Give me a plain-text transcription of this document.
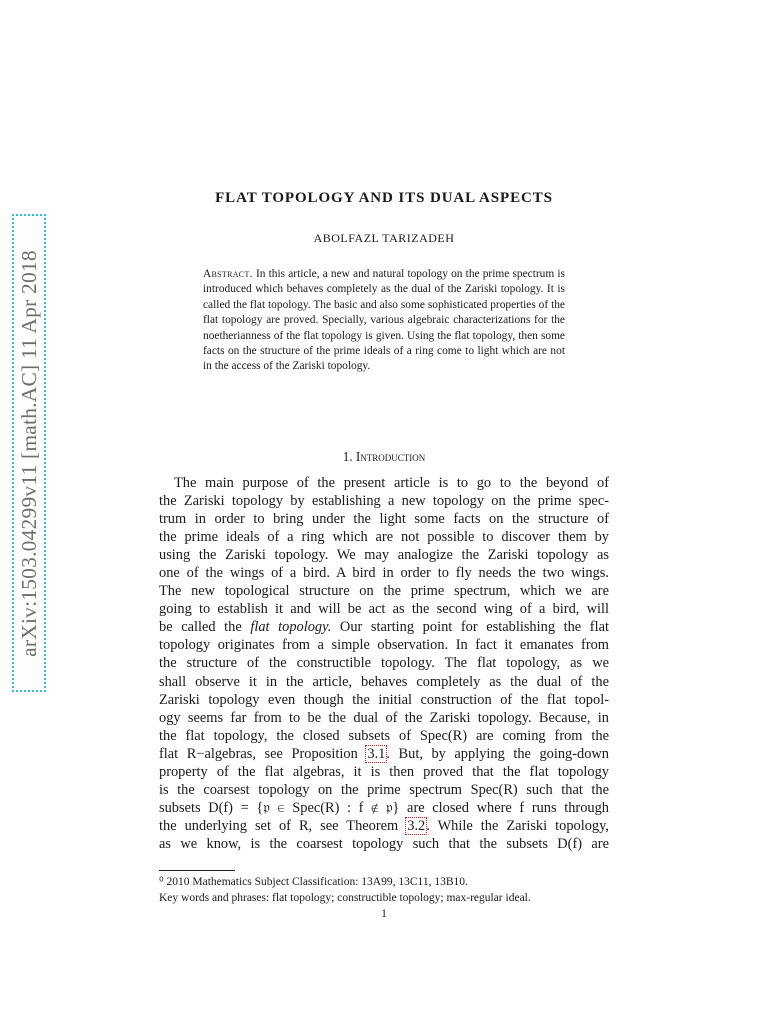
arXiv:1503.04299v11 [math.AC] 11 Apr 2018
FLAT TOPOLOGY AND ITS DUAL ASPECTS
ABOLFAZL TARIZADEH
Abstract. In this article, a new and natural topology on the prime spectrum is introduced which behaves completely as the dual of the Zariski topology. It is called the flat topology. The basic and also some sophisticated properties of the flat topology are proved. Specially, various algebraic characterizations for the noetherianness of the flat topology is given. Using the flat topology, then some facts on the structure of the prime ideals of a ring come to light which are not in the access of the Zariski topology.
1. Introduction
The main purpose of the present article is to go to the beyond of
the Zariski topology by establishing a new topology on the prime spec-
trum in order to bring under the light some facts on the structure of
the prime ideals of a ring which are not possible to discover them by
using the Zariski topology. We may analogize the Zariski topology as
one of the wings of a bird. A bird in order to fly needs the two wings.
The new topological structure on the prime spectrum, which we are
going to establish it and will be act as the second wing of a bird, will
be called the flat topology. Our starting point for establishing the flat
topology originates from a simple observation. In fact it emanates from
the structure of the constructible topology. The flat topology, as we
shall observe it in the article, behaves completely as the dual of the
Zariski topology even though the initial construction of the flat topol-
ogy seems far from to be the dual of the Zariski topology. Because, in
the flat topology, the closed subsets of Spec(R) are coming from the
flat R−algebras, see Proposition 3.1. But, by applying the going-down
property of the flat algebras, it is then proved that the flat topology
is the coarsest topology on the prime spectrum Spec(R) such that the
subsets D(f) = {𝔭 ∈ Spec(R) : f ∉ 𝔭} are closed where f runs through
the underlying set of R, see Theorem 3.2. While the Zariski topology,
as we know, is the coarsest topology such that the subsets D(f) are
⁰ 2010 Mathematics Subject Classification: 13A99, 13C11, 13B10.
Key words and phrases: flat topology; constructible topology; max-regular ideal.
1
